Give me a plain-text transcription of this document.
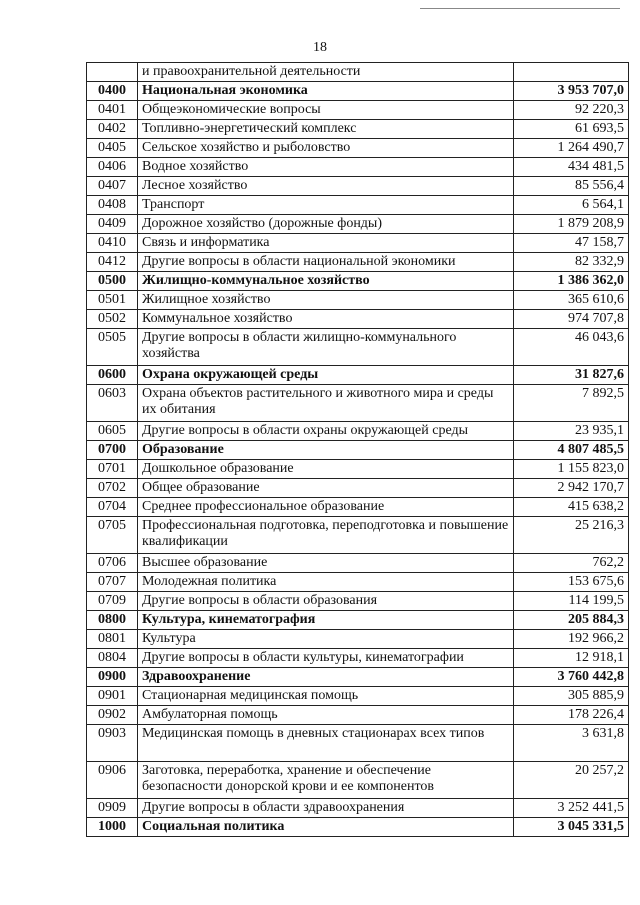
18
	и правоохранительной деятельности	
0400	Национальная экономика	3 953 707,0
0401	Общеэкономические вопросы	92 220,3
0402	Топливно-энергетический комплекс	61 693,5
0405	Сельское хозяйство и рыболовство	1 264 490,7
0406	Водное хозяйство	434 481,5
0407	Лесное хозяйство	85 556,4
0408	Транспорт	6 564,1
0409	Дорожное хозяйство (дорожные фонды)	1 879 208,9
0410	Связь и информатика	47 158,7
0412	Другие вопросы в области национальной экономики	82 332,9
0500	Жилищно-коммунальное хозяйство	1 386 362,0
0501	Жилищное хозяйство	365 610,6
0502	Коммунальное хозяйство	974 707,8
0505	Другие вопросы в области жилищно-коммунального хозяйства	46 043,6
0600	Охрана окружающей среды	31 827,6
0603	Охрана объектов растительного и животного мира и среды их обитания	7 892,5
0605	Другие вопросы в области охраны окружающей среды	23 935,1
0700	Образование	4 807 485,5
0701	Дошкольное образование	1 155 823,0
0702	Общее образование	2 942 170,7
0704	Среднее профессиональное образование	415 638,2
0705	Профессиональная подготовка, переподготовка и повышение квалификации	25 216,3
0706	Высшее образование	762,2
0707	Молодежная политика	153 675,6
0709	Другие вопросы в области образования	114 199,5
0800	Культура, кинематография	205 884,3
0801	Культура	192 966,2
0804	Другие вопросы в области культуры, кинематографии	12 918,1
0900	Здравоохранение	3 760 442,8
0901	Стационарная медицинская помощь	305 885,9
0902	Амбулаторная помощь	178 226,4
0903	Медицинская помощь в дневных стационарах всех типов	3 631,8
0906	Заготовка, переработка, хранение и обеспечение безопасности донорской крови и ее компонентов	20 257,2
0909	Другие вопросы в области здравоохранения	3 252 441,5
1000	Социальная политика	3 045 331,5
